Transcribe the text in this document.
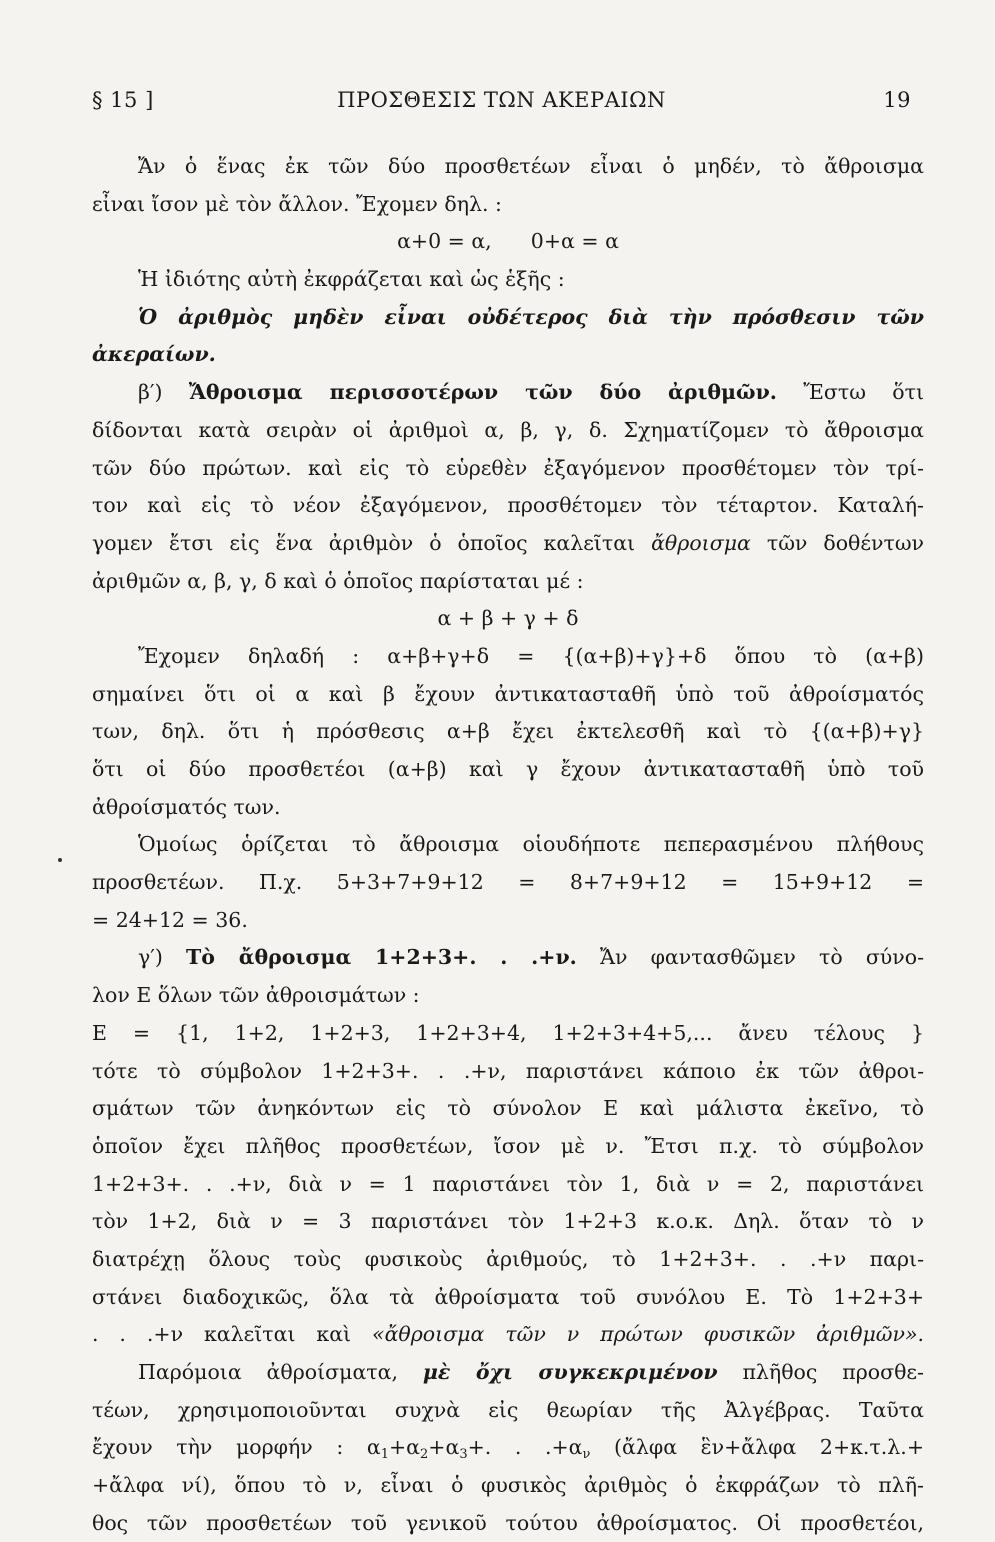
§ 15 ]	ΠΡΟΣΘΕΣΙΣ ΤΩΝ ΑΚΕΡΑΙΩΝ	19
Ἄν ὁ ἕνας ἐκ τῶν δύο προσθετέων εἶναι ὁ μηδέν, τὸ ἄθροισμα
εἶναι ἴσον μὲ τὸν ἄλλον. Ἔχομεν δηλ. :
α+0 = α,      0+α = α
Ἡ ἰδιότης αὐτὴ ἐκφράζεται καὶ ὡς ἑξῆς :
Ὁ ἀριθμὸς μηδὲν εἶναι οὐδέτερος διὰ τὴν πρόσθεσιν τῶν
ἀκεραίων.
β′) Ἄθροισμα περισσοτέρων τῶν δύο ἀριθμῶν. Ἔστω ὅτι
δίδονται κατὰ σειρὰν οἱ ἀριθμοὶ α, β, γ, δ. Σχηματίζομεν τὸ ἄθροισμα
τῶν δύο πρώτων. καὶ εἰς τὸ εὑρεθὲν ἐξαγόμενον προσθέτομεν τὸν τρί-
τον καὶ εἰς τὸ νέον ἐξαγόμενον, προσθέτομεν τὸν τέταρτον. Καταλή-
γομεν ἔτσι εἰς ἕνα ἀριθμὸν ὁ ὁποῖος καλεῖται ἄθροισμα τῶν δοθέντων
ἀριθμῶν α, β, γ, δ καὶ ὁ ὁποῖος παρίσταται μέ :
α + β + γ + δ
Ἔχομεν δηλαδή : α+β+γ+δ = {(α+β)+γ}+δ ὅπου τὸ (α+β)
σημαίνει ὅτι οἱ α καὶ β ἔχουν ἀντικατασταθῆ ὑπὸ τοῦ ἀθροίσματός
των, δηλ. ὅτι ἡ πρόσθεσις α+β ἔχει ἐκτελεσθῆ καὶ τὸ {(α+β)+γ}
ὅτι οἱ δύο προσθετέοι (α+β) καὶ γ ἔχουν ἀντικατασταθῆ ὑπὸ τοῦ
ἀθροίσματός των.
Ὁμοίως ὁρίζεται τὸ ἄθροισμα οἱουδήποτε πεπερασμένου πλήθους
προσθετέων. Π.χ. 5+3+7+9+12 = 8+7+9+12 = 15+9+12 =
= 24+12 = 36.
γ′) Τὸ ἄθροισμα 1+2+3+. . .+ν. Ἄν φαντασθῶμεν τὸ σύνο-
λον Ε ὅλων τῶν ἀθροισμάτων :
Ε = {1, 1+2, 1+2+3, 1+2+3+4, 1+2+3+4+5,... ἄνευ τέλους }
τότε τὸ σύμβολον 1+2+3+. . .+ν, παριστάνει κάποιο ἐκ τῶν ἀθροι-
σμάτων τῶν ἀνηκόντων εἰς τὸ σύνολον Ε καὶ μάλιστα ἐκεῖνο, τὸ
ὁποῖον ἔχει πλῆθος προσθετέων, ἴσον μὲ ν. Ἔτσι π.χ. τὸ σύμβολον
1+2+3+. . .+ν, διὰ ν = 1 παριστάνει τὸν 1, διὰ ν = 2, παριστάνει
τὸν 1+2, διὰ ν = 3 παριστάνει τὸν 1+2+3 κ.ο.κ. Δηλ. ὅταν τὸ ν
διατρέχῃ ὅλους τοὺς φυσικοὺς ἀριθμούς, τὸ 1+2+3+. . .+ν παρι-
στάνει διαδοχικῶς, ὅλα τὰ ἀθροίσματα τοῦ συνόλου Ε. Τὸ 1+2+3+
. . .+ν καλεῖται καὶ «ἄθροισμα τῶν ν πρώτων φυσικῶν ἀριθμῶν».
Παρόμοια ἀθροίσματα, μὲ ὄχι συγκεκριμένον πλῆθος προσθε-
τέων, χρησιμοποιοῦνται συχνὰ εἰς θεωρίαν τῆς Ἀλγέβρας. Ταῦτα
ἔχουν τὴν μορφήν : $\alpha_1+\alpha_2+\alpha_3+$. . $.+\alpha_\nu$ (ἄλφα ἓν+ἄλφα 2+κ.τ.λ.+
+ἄλφα νί), ὅπου τὸ ν, εἶναι ὁ φυσικὸς ἀριθμὸς ὁ ἐκφράζων τὸ πλῆ-
θος τῶν προσθετέων τοῦ γενικοῦ τούτου ἀθροίσματος. Οἱ προσθετέοι,
